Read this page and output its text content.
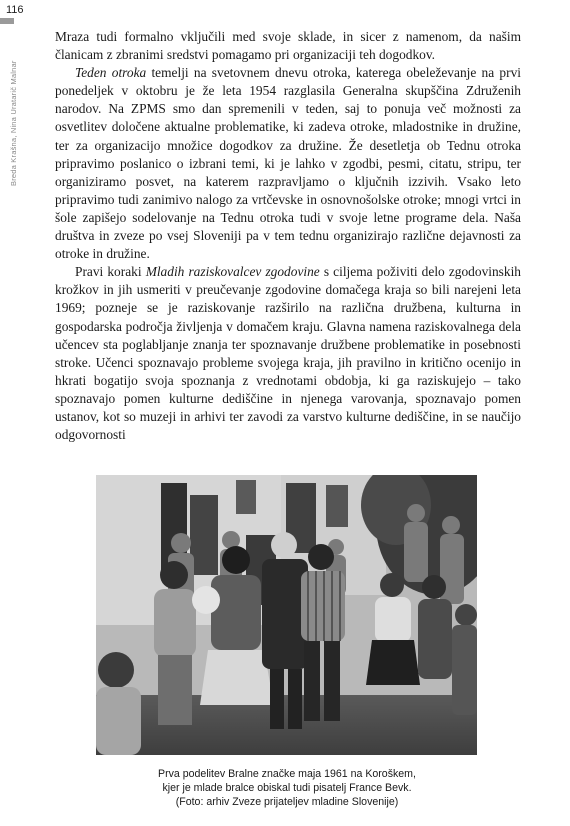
116
Breda Krašna, Nina Uratarič Malnar

Mraza tudi formalno vključili med svoje sklade, in sicer z namenom, da našim članicam z zbranimi sredstvi pomagamo pri organizaciji teh dogodkov.

Teden otroka temelji na svetovnem dnevu otroka, katerega obeleževanje na prvi ponedeljek v oktobru je že leta 1954 razglasila Generalna skupščina Združenih narodov. Na ZPMS smo dan spremenili v teden, saj to ponuja več možnosti za osvetlitev določene aktualne problematike, ki zadeva otroke, mladostnike in družine, ter za organizacijo množice dogodkov za družine. Že desetletja ob Tednu otroka pripravimo poslanico o izbrani temi, ki je lahko v zgodbi, pesmi, citatu, stripu, ter organiziramo posvet, na katerem razpravljamo o ključnih izzivih. Vsako leto pripravimo tudi zanimivo nalogo za vrtčevske in osnovnošolske otroke; mnogi vrtci in šole zapišejo sodelovanje na Tednu otroka tudi v svoje letne programe dela. Naša društva in zveze po vsej Sloveniji pa v tem tednu organizirajo različne dejavnosti za otroke in družine.

Pravi koraki Mladih raziskovalcev zgodovine s ciljema poživiti delo zgodovinskih krožkov in jih usmeriti v preučevanje zgodovine domačega kraja so bili narejeni leta 1969; pozneje se je raziskovanje razširilo na različna družbena, kulturna in gospodarska področja življenja v domačem kraju. Glavna namena raziskovalnega dela učencev sta poglabljanje znanja ter spoznavanje družbene problematike in posebnosti stroke. Učenci spoznavajo probleme svojega kraja, jih pravilno in kritično ocenijo in hkrati bogatijo svoja spoznanja z vrednotami obdobja, ki ga raziskujejo – tako spoznavajo pomen kulturne dediščine in njenega varovanja, spoznavajo pomen ustanov, kot so muzeji in arhivi ter zavodi za varstvo kulturne dediščine, in se naučijo odgovornosti

Prva podelitev Bralne značke maja 1961 na Koroškem,
kjer je mlade bralce obiskal tudi pisatelj France Bevk.
(Foto: arhiv Zveze prijateljev mladine Slovenije)
